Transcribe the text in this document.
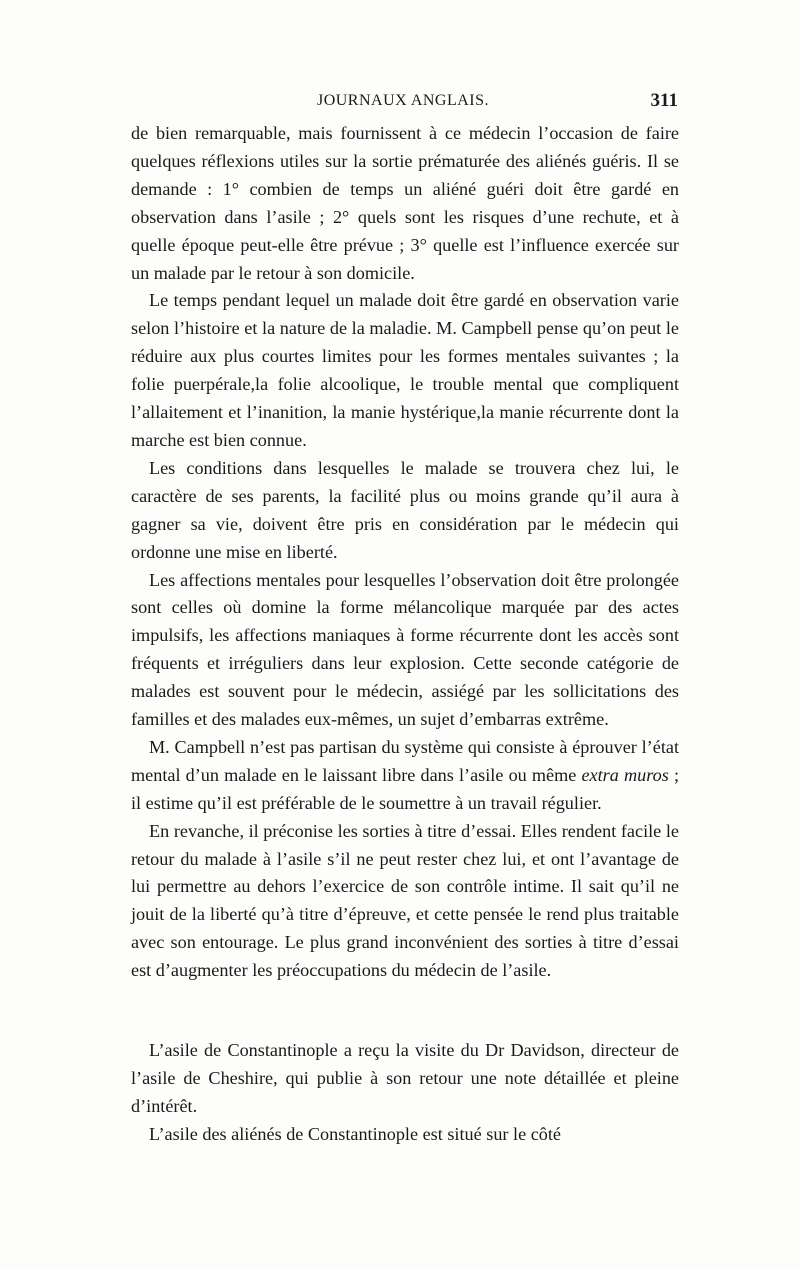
JOURNAUX ANGLAIS.	311

de bien remarquable, mais fournissent à ce médecin l’occasion de faire quelques réflexions utiles sur la sortie prématurée des aliénés guéris. Il se demande : 1° combien de temps un aliéné guéri doit être gardé en observation dans l’asile ; 2° quels sont les risques d’une rechute, et à quelle époque peut-elle être prévue ; 3° quelle est l’influence exercée sur un malade par le retour à son domicile.

Le temps pendant lequel un malade doit être gardé en observation varie selon l’histoire et la nature de la maladie. M. Campbell pense qu’on peut le réduire aux plus courtes limites pour les formes mentales suivantes ; la folie puerpérale,la folie alcoolique, le trouble mental que compliquent l’allaitement et l’inanition, la manie hystérique,la manie récurrente dont la marche est bien connue.

Les conditions dans lesquelles le malade se trouvera chez lui, le caractère de ses parents, la facilité plus ou moins grande qu’il aura à gagner sa vie, doivent être pris en considération par le médecin qui ordonne une mise en liberté.

Les affections mentales pour lesquelles l’observation doit être prolongée sont celles où domine la forme mélancolique marquée par des actes impulsifs, les affections maniaques à forme récurrente dont les accès sont fréquents et irréguliers dans leur explosion. Cette seconde catégorie de malades est souvent pour le médecin, assiégé par les sollicitations des familles et des malades eux-mêmes, un sujet d’embarras extrême.

M. Campbell n’est pas partisan du système qui consiste à éprouver l’état mental d’un malade en le laissant libre dans l’asile ou même extra muros ; il estime qu’il est préférable de le soumettre à un travail régulier.

En revanche, il préconise les sorties à titre d’essai. Elles rendent facile le retour du malade à l’asile s’il ne peut rester chez lui, et ont l’avantage de lui permettre au dehors l’exercice de son contrôle intime. Il sait qu’il ne jouit de la liberté qu’à titre d’épreuve, et cette pensée le rend plus traitable avec son entourage. Le plus grand inconvénient des sorties à titre d’essai est d’augmenter les préoccupations du médecin de l’asile.

L’asile de Constantinople a reçu la visite du Dr Davidson, directeur de l’asile de Cheshire, qui publie à son retour une note détaillée et pleine d’intérêt.

L’asile des aliénés de Constantinople est situé sur le côté
